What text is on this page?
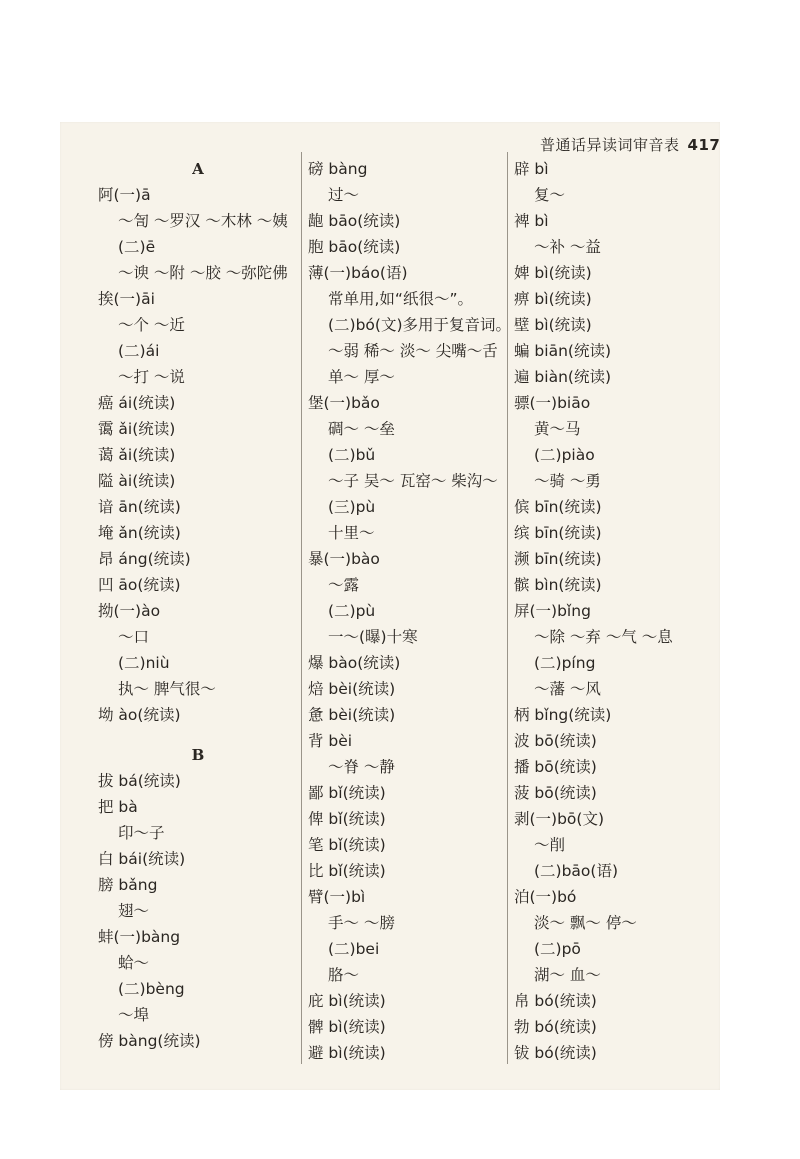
普通话异读词审音表 417
A
阿(一)ā
～訇 ～罗汉 ～木林 ～姨
(二)ē
～谀 ～附 ～胶 ～弥陀佛
挨(一)āi
～个 ～近
(二)ái
～打 ～说
癌 ái(统读)
霭 ǎi(统读)
蔼 ǎi(统读)
隘 ài(统读)
谙 ān(统读)
埯 ǎn(统读)
昂 áng(统读)
凹 āo(统读)
拗(一)ào
～口
(二)niù
执～ 脾气很～
坳 ào(统读)
B
拔 bá(统读)
把 bà
印～子
白 bái(统读)
膀 bǎng
翅～
蚌(一)bàng
蛤～
(二)bèng
～埠
傍 bàng(统读)
磅 bàng
过～
龅 bāo(统读)
胞 bāo(统读)
薄(一)báo(语)
常单用,如“纸很～”。
(二)bó(文)多用于复音词。
～弱 稀～ 淡～ 尖嘴～舌
单～ 厚～
堡(一)bǎo
碉～ ～垒
(二)bǔ
～子 吴～ 瓦窑～ 柴沟～
(三)pù
十里～
暴(一)bào
～露
(二)pù
一～(曝)十寒
爆 bào(统读)
焙 bèi(统读)
惫 bèi(统读)
背 bèi
～脊 ～静
鄙 bǐ(统读)
俾 bǐ(统读)
笔 bǐ(统读)
比 bǐ(统读)
臂(一)bì
手～ ～膀
(二)bei
胳～
庇 bì(统读)
髀 bì(统读)
避 bì(统读)
辟 bì
复～
裨 bì
～补 ～益
婢 bì(统读)
痹 bì(统读)
壁 bì(统读)
蝙 biān(统读)
遍 biàn(统读)
骠(一)biāo
黄～马
(二)piào
～骑 ～勇
傧 bīn(统读)
缤 bīn(统读)
濒 bīn(统读)
髌 bìn(统读)
屏(一)bǐng
～除 ～弃 ～气 ～息
(二)píng
～藩 ～风
柄 bǐng(统读)
波 bō(统读)
播 bō(统读)
菠 bō(统读)
剥(一)bō(文)
～削
(二)bāo(语)
泊(一)bó
淡～ 飘～ 停～
(二)pō
湖～ 血～
帛 bó(统读)
勃 bó(统读)
钹 bó(统读)
